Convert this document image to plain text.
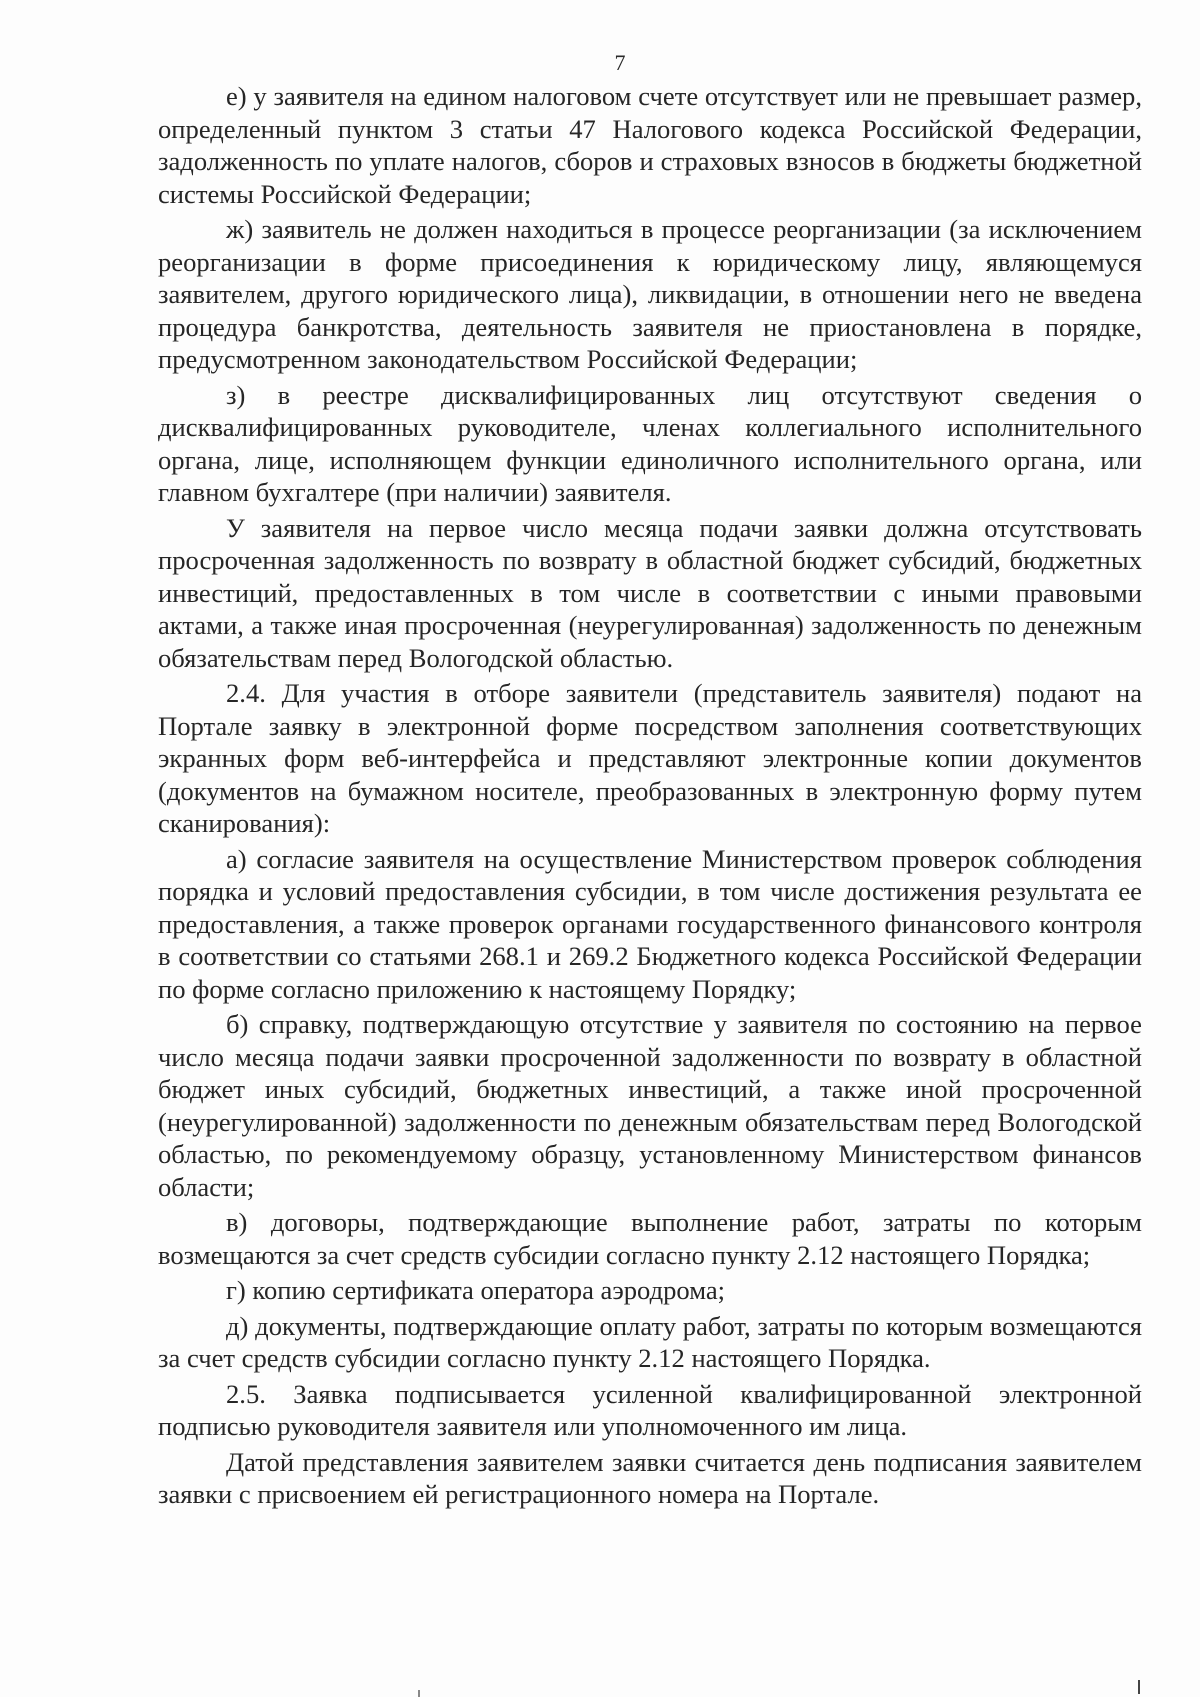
7

е) у заявителя на едином налоговом счете отсутствует или не превышает размер, определенный пунктом 3 статьи 47 Налогового кодекса Российской Федерации, задолженность по уплате налогов, сборов и страховых взносов в бюджеты бюджетной системы Российской Федерации;

ж) заявитель не должен находиться в процессе реорганизации (за исключением реорганизации в форме присоединения к юридическому лицу, являющемуся заявителем, другого юридического лица), ликвидации, в отношении него не введена процедура банкротства, деятельность заявителя не приостановлена в порядке, предусмотренном законодательством Российской Федерации;

з) в реестре дисквалифицированных лиц отсутствуют сведения о дисквалифицированных руководителе, членах коллегиального исполнительного органа, лице, исполняющем функции единоличного исполнительного органа, или главном бухгалтере (при наличии) заявителя.

У заявителя на первое число месяца подачи заявки должна отсутствовать просроченная задолженность по возврату в областной бюджет субсидий, бюджетных инвестиций, предоставленных в том числе в соответствии с иными правовыми актами, а также иная просроченная (неурегулированная) задолженность по денежным обязательствам перед Вологодской областью.

2.4. Для участия в отборе заявители (представитель заявителя) подают на Портале заявку в электронной форме посредством заполнения соответствующих экранных форм веб-интерфейса и представляют электронные копии документов (документов на бумажном носителе, преобразованных в электронную форму путем сканирования):

а) согласие заявителя на осуществление Министерством проверок соблюдения порядка и условий предоставления субсидии, в том числе достижения результата ее предоставления, а также проверок органами государственного финансового контроля в соответствии со статьями 268.1 и 269.2 Бюджетного кодекса Российской Федерации по форме согласно приложению к настоящему Порядку;

б) справку, подтверждающую отсутствие у заявителя по состоянию на первое число месяца подачи заявки просроченной задолженности по возврату в областной бюджет иных субсидий, бюджетных инвестиций, а также иной просроченной (неурегулированной) задолженности по денежным обязательствам перед Вологодской областью, по рекомендуемому образцу, установленному Министерством финансов области;

в) договоры, подтверждающие выполнение работ, затраты по которым возмещаются за счет средств субсидии согласно пункту 2.12 настоящего Порядка;

г) копию сертификата оператора аэродрома;

д) документы, подтверждающие оплату работ, затраты по которым возмещаются за счет средств субсидии согласно пункту 2.12 настоящего Порядка.

2.5. Заявка подписывается усиленной квалифицированной электронной подписью руководителя заявителя или уполномоченного им лица.

Датой представления заявителем заявки считается день подписания заявителем заявки с присвоением ей регистрационного номера на Портале.
